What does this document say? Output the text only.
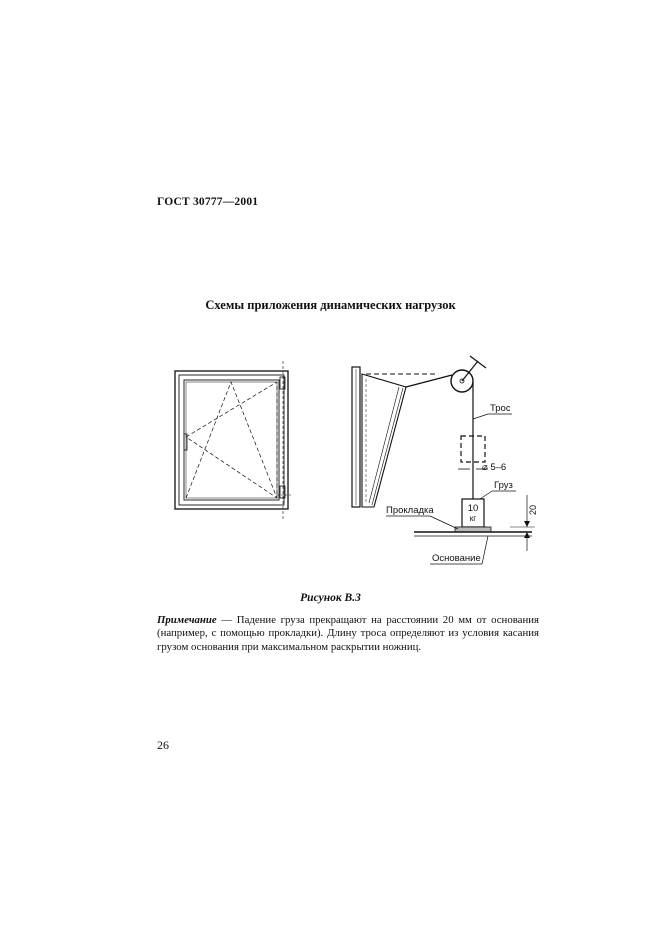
ГОСТ 30777—2001
Схемы приложения динамических нагрузок
Трос
⌀ 5–6
Груз
10
кг
Прокладка
Основание
20
Рисунок В.3
Примечание — Падение груза прекращают на расстоянии 20 мм от основания (например, с помощью прокладки). Длину троса определяют из условия касания грузом основания при максимальном раскрытии ножниц.
26
